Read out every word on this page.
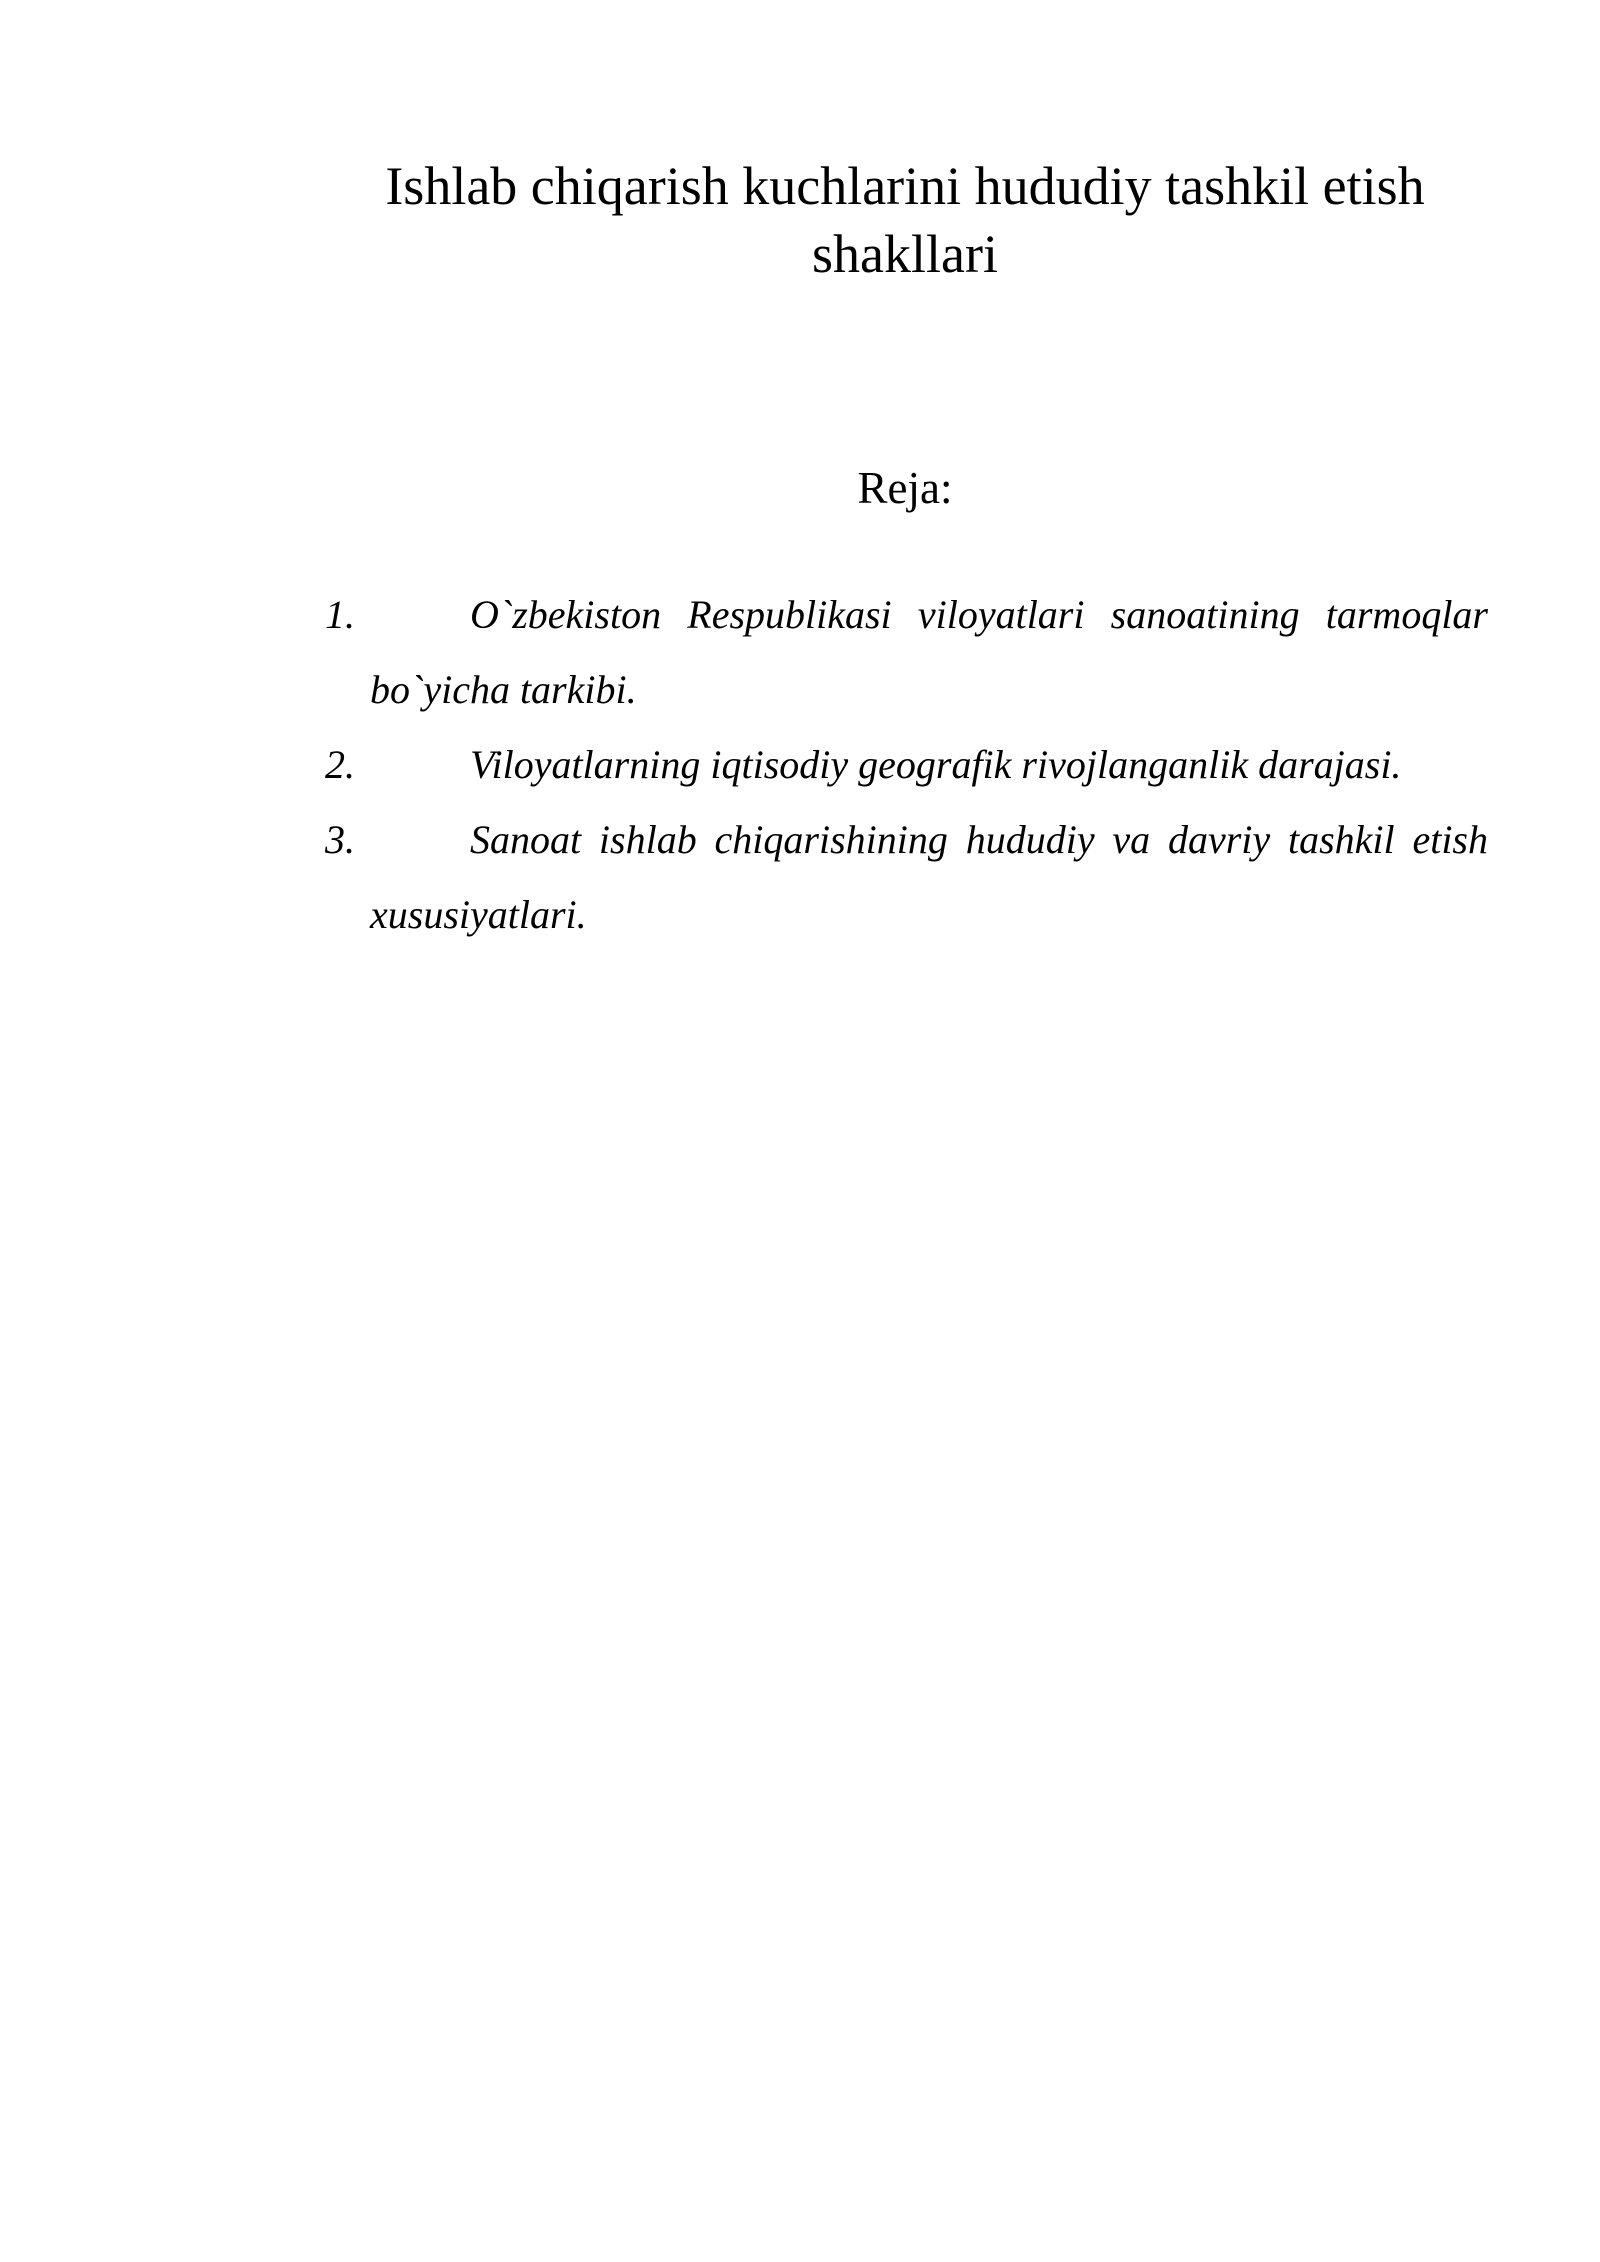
Ishlab chiqarish kuchlarini hududiy tashkil etish shakllari
Reja:
1.	O`zbekiston Respublikasi viloyatlari sanoatining tarmoqlar bo`yicha tarkibi.
2.	Viloyatlarning iqtisodiy geografik rivojlanganlik darajasi.
3.	Sanoat ishlab chiqarishining hududiy va davriy tashkil etish xususiyatlari.
